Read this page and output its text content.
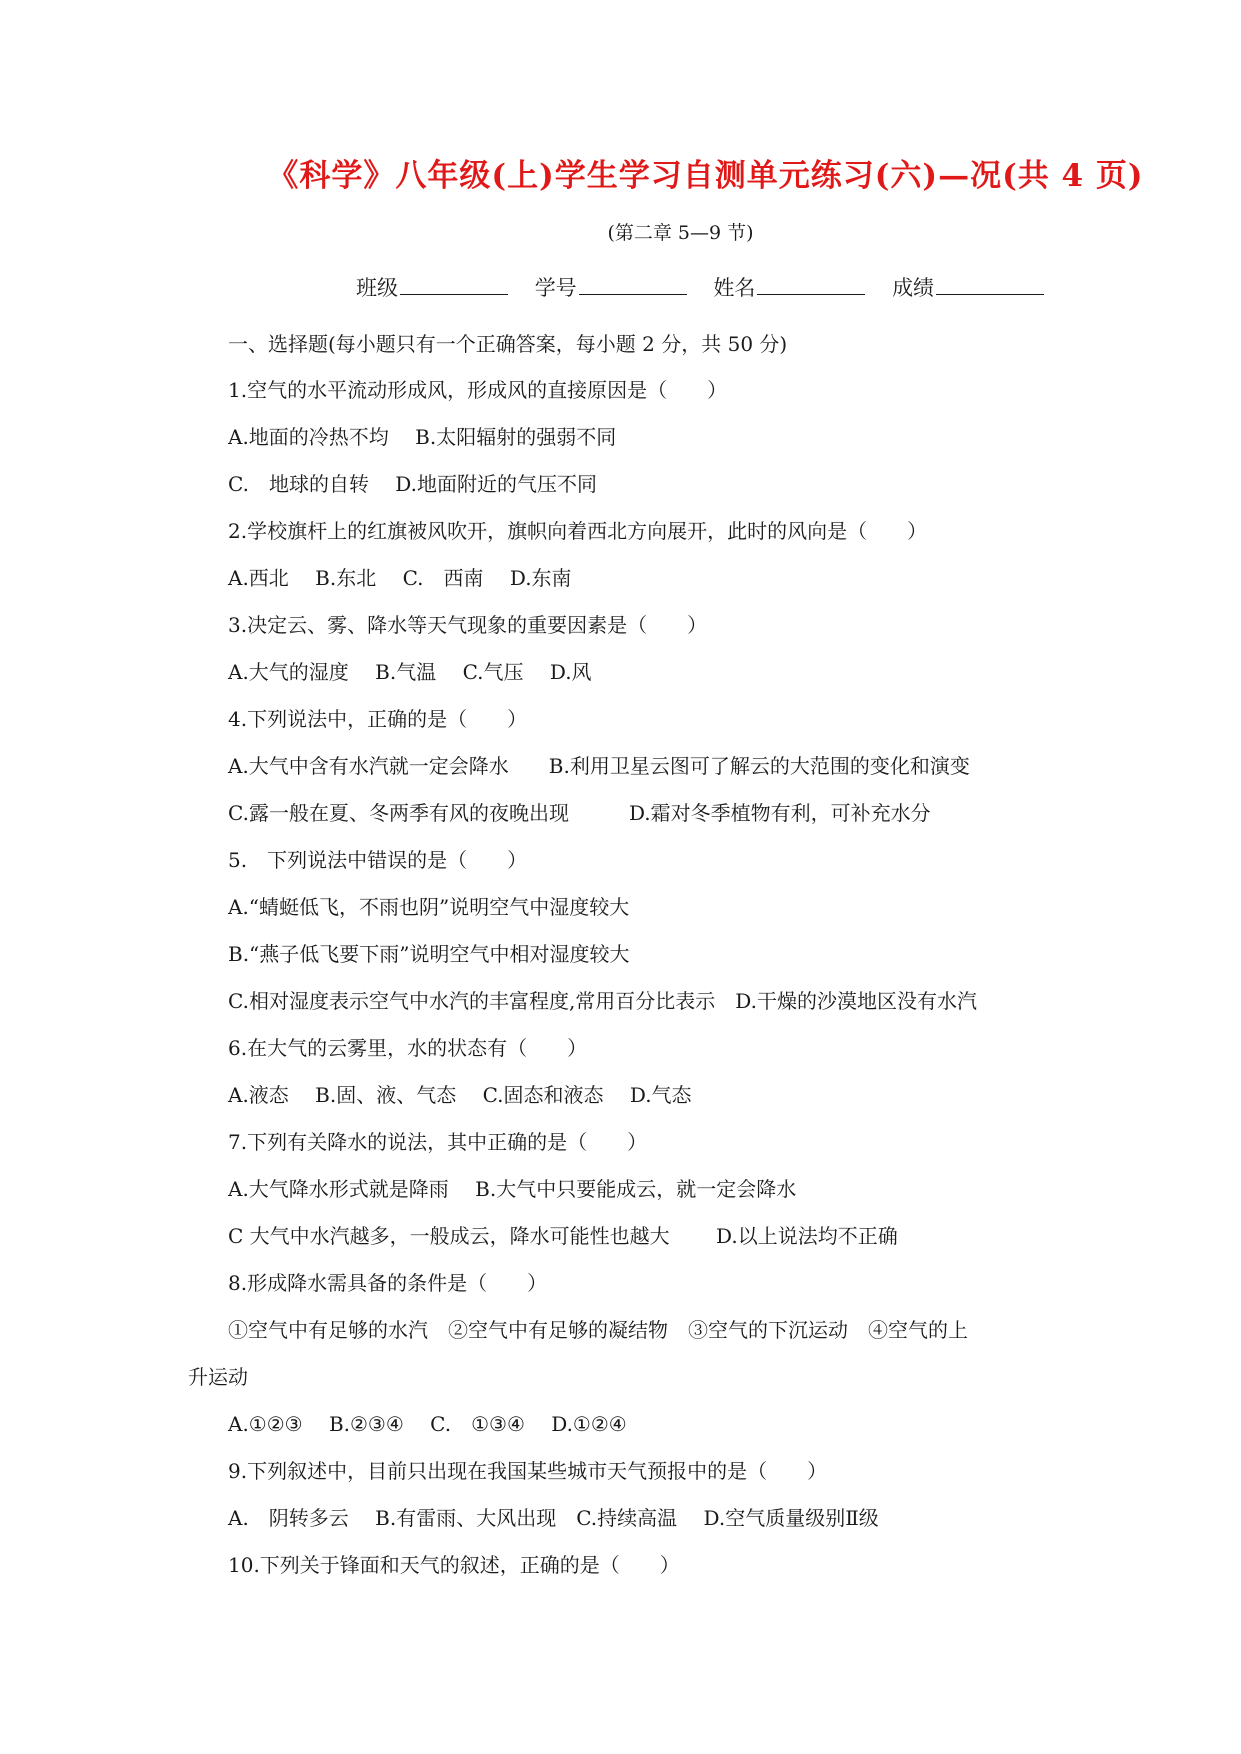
《科学》八年级(上)学生学习自测单元练习(六)—况(共 4 页)
(第二章 5—9 节)
班级	学号	姓名	成绩
一、选择题(每小题只有一个正确答案，每小题 2 分，共 50 分)
1.空气的水平流动形成风，形成风的直接原因是（　　）
A.地面的冷热不均　 B.太阳辐射的强弱不同
C.　地球的自转　 D.地面附近的气压不同
2.学校旗杆上的红旗被风吹开，旗帜向着西北方向展开，此时的风向是（　　）
A.西北　 B.东北　 C.　西南　 D.东南
3.决定云、雾、降水等天气现象的重要因素是（　　）
A.大气的湿度　 B.气温　 C.气压　 D.风
4.下列说法中，正确的是（　　）
A.大气中含有水汽就一定会降水　　B.利用卫星云图可了解云的大范围的变化和演变
C.露一般在夏、冬两季有风的夜晚出现　　　D.霜对冬季植物有利，可补充水分
5.　下列说法中错误的是（　　）
A.“蜻蜓低飞，不雨也阴”说明空气中湿度较大
B.“燕子低飞要下雨”说明空气中相对湿度较大
C.相对湿度表示空气中水汽的丰富程度,常用百分比表示　D.干燥的沙漠地区没有水汽
6.在大气的云雾里，水的状态有（　　）
A.液态　 B.固、液、气态　 C.固态和液态　 D.气态
7.下列有关降水的说法，其中正确的是（　　）
A.大气降水形式就是降雨　 B.大气中只要能成云，就一定会降水
C 大气中水汽越多，一般成云，降水可能性也越大　　 D.以上说法均不正确
8.形成降水需具备的条件是（　　）
①空气中有足够的水汽　②空气中有足够的凝结物　③空气的下沉运动　④空气的上
升运动
A.①②③　 B.②③④　 C.　①③④　 D.①②④
9.下列叙述中，目前只出现在我国某些城市天气预报中的是（　　）
A.　阴转多云　 B.有雷雨、大风出现　C.持续高温　 D.空气质量级别Ⅱ级
10.下列关于锋面和天气的叙述，正确的是（　　）
